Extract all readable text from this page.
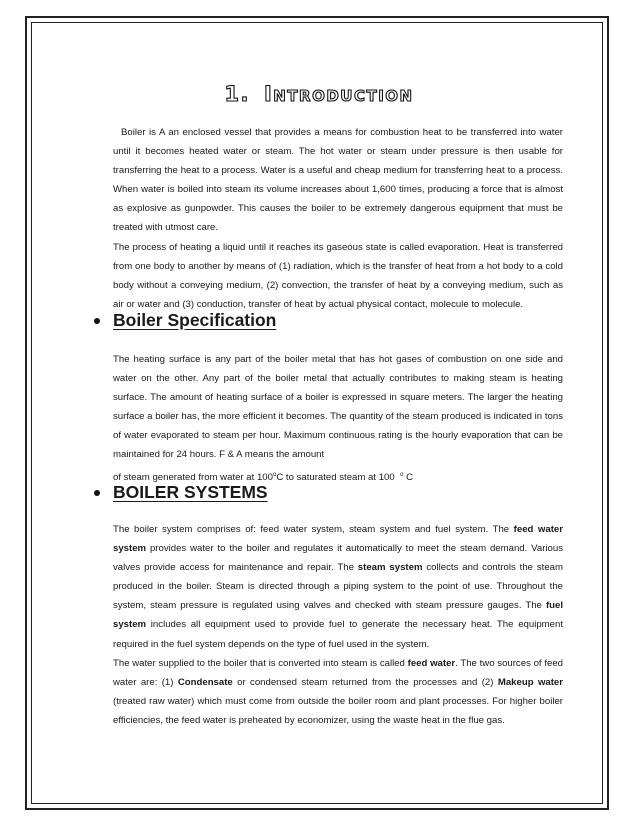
1. Introduction

Boiler is A an enclosed vessel that provides a means for combustion heat to be transferred into water until it becomes heated water or steam. The hot water or steam under pressure is then usable for transferring the heat to a process. Water is a useful and cheap medium for transferring heat to a process. When water is boiled into steam its volume increases about 1,600 times, producing a force that is almost as explosive as gunpowder. This causes the boiler to be extremely dangerous equipment that must be treated with utmost care.

The process of heating a liquid until it reaches its gaseous state is called evaporation. Heat is transferred from one body to another by means of (1) radiation, which is the transfer of heat from a hot body to a cold body without a conveying medium, (2) convection, the transfer of heat by a conveying medium, such as air or water and (3) conduction, transfer of heat by actual physical contact, molecule to molecule.

Boiler Specification

The heating surface is any part of the boiler metal that has hot gases of combustion on one side and water on the other. Any part of the boiler metal that actually contributes to making steam is heating surface. The amount of heating surface of a boiler is expressed in square meters. The larger the heating surface a boiler has, the more efficient it becomes. The quantity of the steam produced is indicated in tons of water evaporated to steam per hour. Maximum continuous rating is the hourly evaporation that can be maintained for 24 hours. F & A means the amount

of steam generated from water at 100$^o$C to saturated steam at 100 $^o$ C

BOILER SYSTEMS

The boiler system comprises of: feed water system, steam system and fuel system. The feed water system provides water to the boiler and regulates it automatically to meet the steam demand. Various valves provide access for maintenance and repair. The steam system collects and controls the steam produced in the boiler. Steam is directed through a piping system to the point of use. Throughout the system, steam pressure is regulated using valves and checked with steam pressure gauges. The fuel system includes all equipment used to provide fuel to generate the necessary heat. The equipment required in the fuel system depends on the type of fuel used in the system.

The water supplied to the boiler that is converted into steam is called feed water. The two sources of feed water are: (1) Condensate or condensed steam returned from the processes and (2) Makeup water (treated raw water) which must come from outside the boiler room and plant processes. For higher boiler efficiencies, the feed water is preheated by economizer, using the waste heat in the flue gas.
